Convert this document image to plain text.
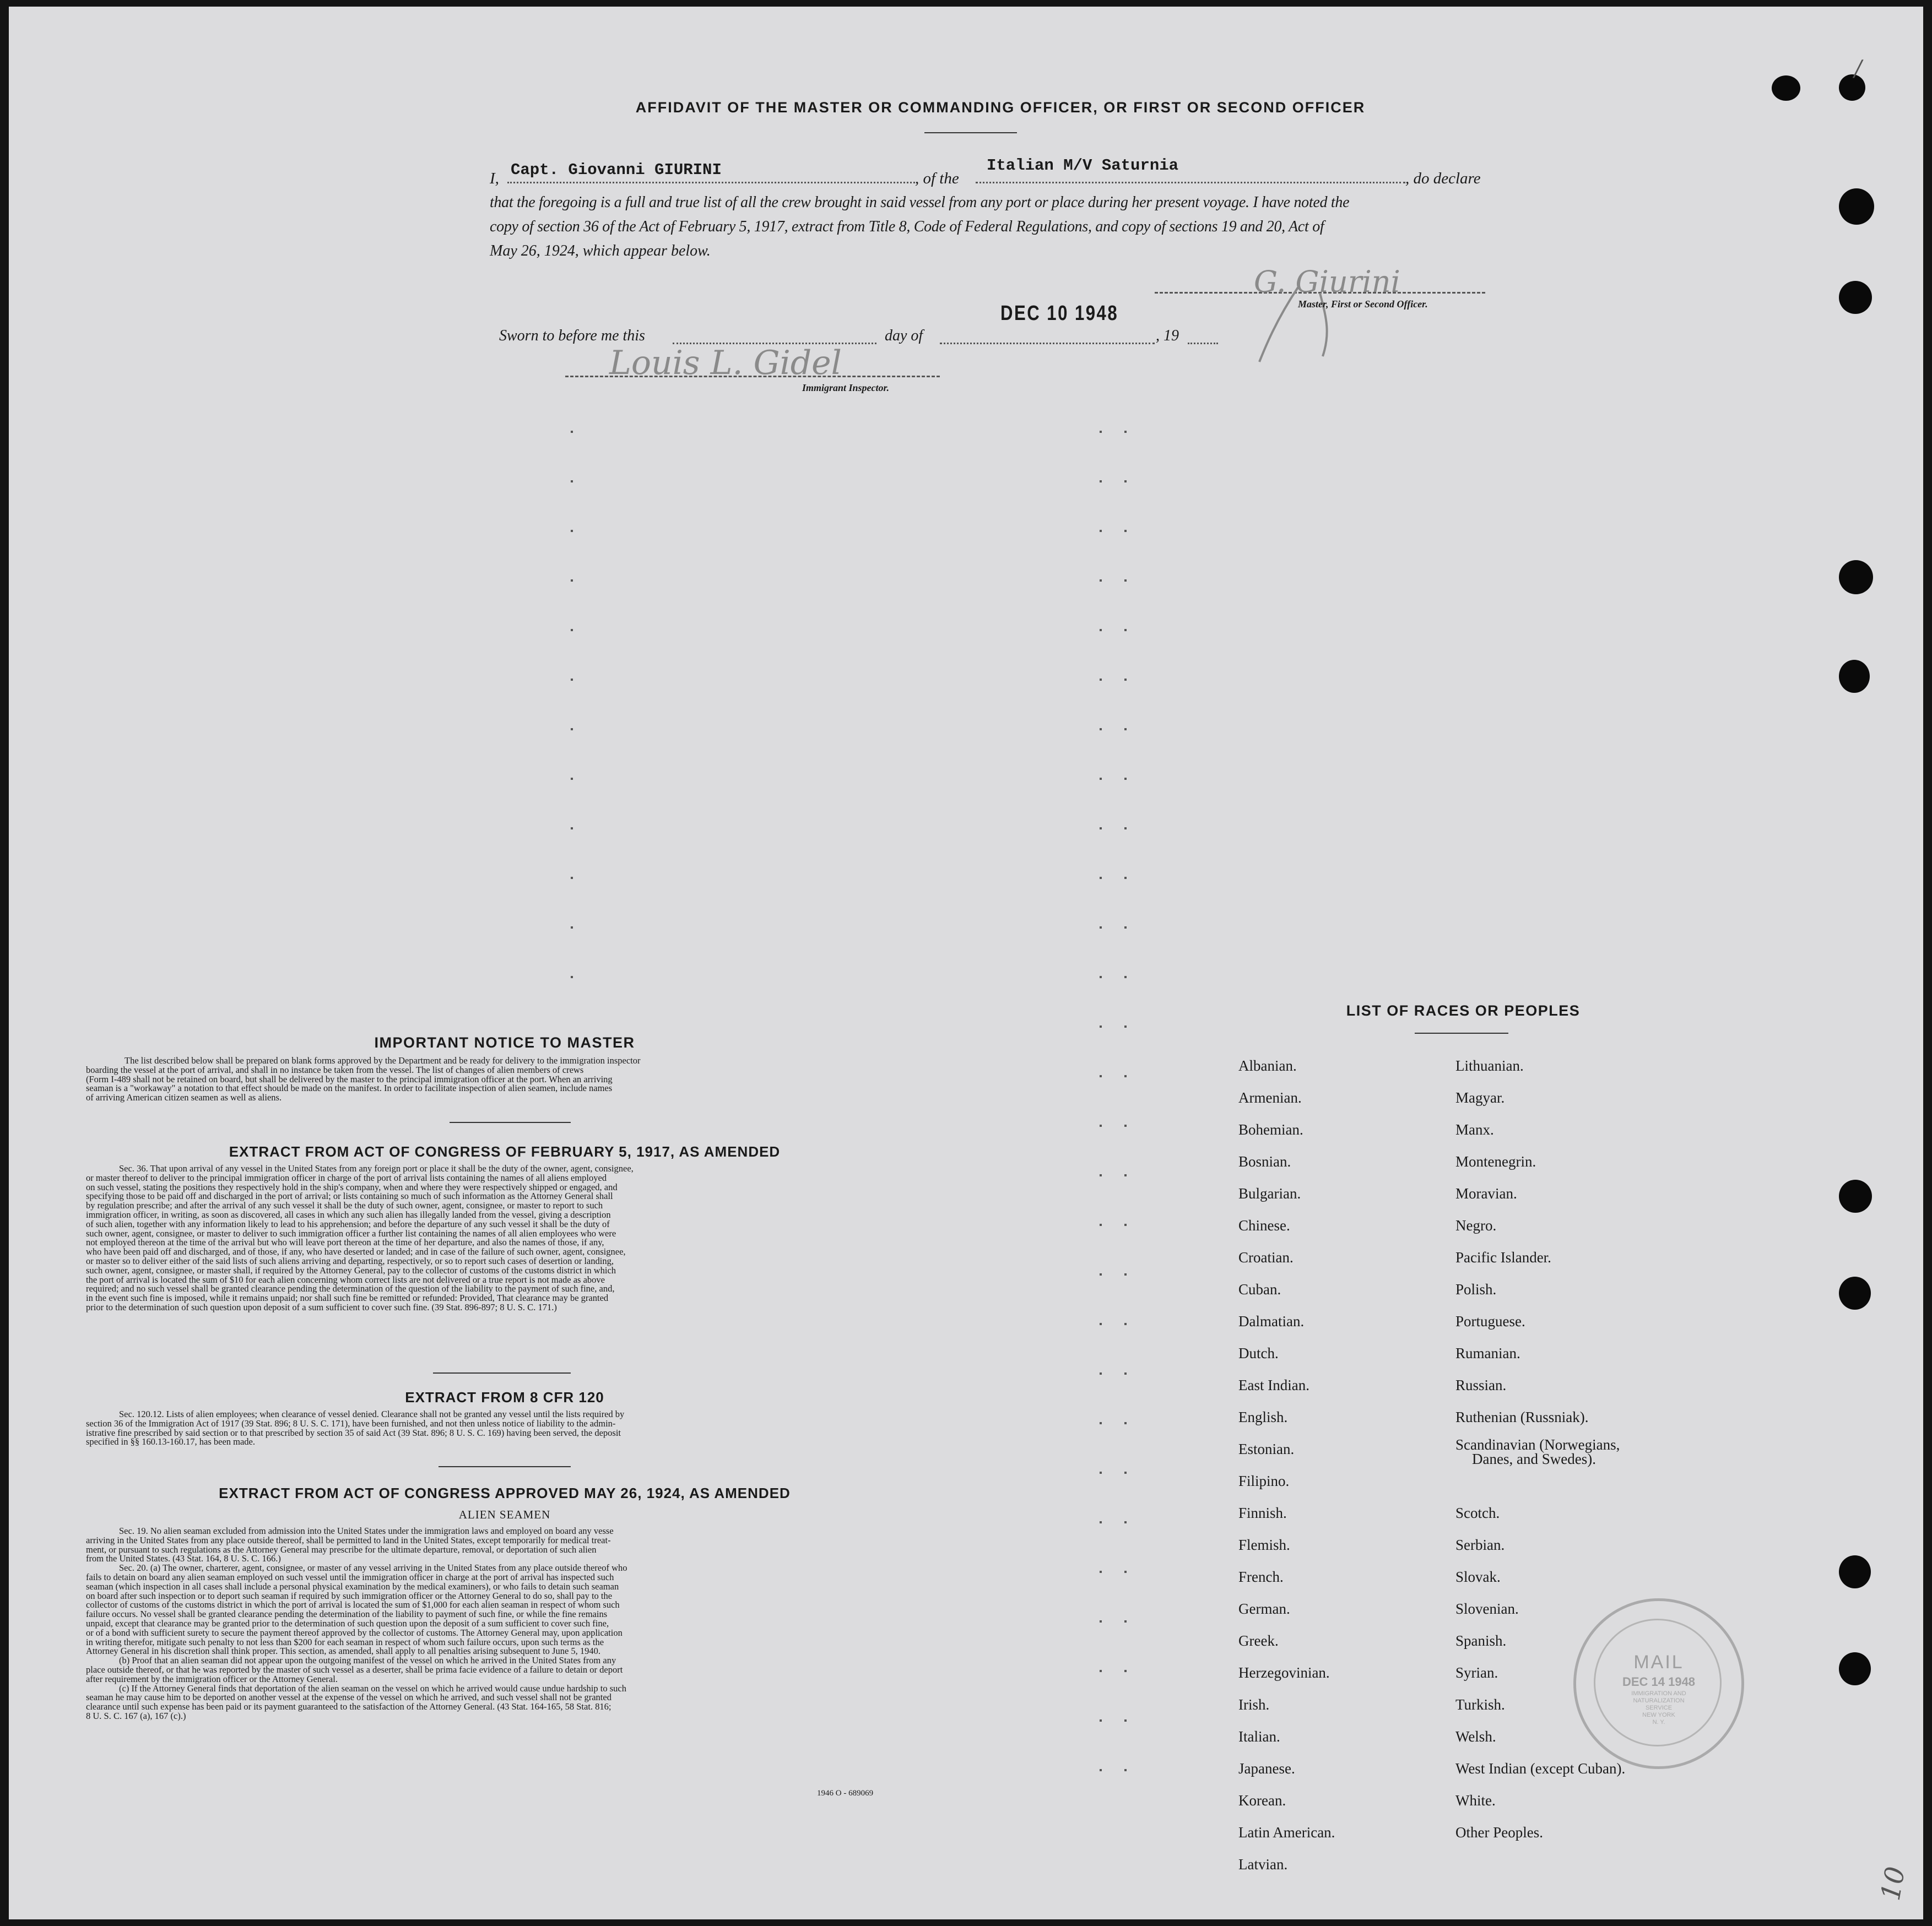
AFFIDAVIT OF THE MASTER OR COMMANDING OFFICER, OR FIRST OR SECOND OFFICER
I, Capt. Giovanni GIURINI	, of the
Italian M/V Saturnia
, do declare
that the foregoing is a full and true list of all the crew brought in said vessel from any port or place during her present voyage. I have noted the
copy of section 36 of the Act of February 5, 1917, extract from Title 8, Code of Federal Regulations, and copy of sections 19 and 20, Act of
May 26, 1924, which appear below.
G. Giurini
Master, First or Second Officer.
Sworn to before me this	day of
DEC 10 1948
, 19
Louis L. Gidel
Immigrant Inspector.
IMPORTANT NOTICE TO MASTER
The list described below shall be prepared on blank forms approved by the Department and be ready for delivery to the immigration inspector
boarding the vessel at the port of arrival, and shall in no instance be taken from the vessel. The list of changes of alien members of crews
(Form I-489 shall not be retained on board, but shall be delivered by the master to the principal immigration officer at the port. When an arriving
seaman is a "workaway" a notation to that effect should be made on the manifest. In order to facilitate inspection of alien seamen, include names
of arriving American citizen seamen as well as aliens.
EXTRACT FROM ACT OF CONGRESS OF FEBRUARY 5, 1917, AS AMENDED
Sec. 36. That upon arrival of any vessel in the United States from any foreign port or place it shall be the duty of the owner, agent, consignee,
or master thereof to deliver to the principal immigration officer in charge of the port of arrival lists containing the names of all aliens employed
on such vessel, stating the positions they respectively hold in the ship's company, when and where they were respectively shipped or engaged, and
specifying those to be paid off and discharged in the port of arrival; or lists containing so much of such information as the Attorney General shall
by regulation prescribe; and after the arrival of any such vessel it shall be the duty of such owner, agent, consignee, or master to report to such
immigration officer, in writing, as soon as discovered, all cases in which any such alien has illegally landed from the vessel, giving a description
of such alien, together with any information likely to lead to his apprehension; and before the departure of any such vessel it shall be the duty of
such owner, agent, consignee, or master to deliver to such immigration officer a further list containing the names of all alien employees who were
not employed thereon at the time of the arrival but who will leave port thereon at the time of her departure, and also the names of those, if any,
who have been paid off and discharged, and of those, if any, who have deserted or landed; and in case of the failure of such owner, agent, consignee,
or master so to deliver either of the said lists of such aliens arriving and departing, respectively, or so to report such cases of desertion or landing,
such owner, agent, consignee, or master shall, if required by the Attorney General, pay to the collector of customs of the customs district in which
the port of arrival is located the sum of $10 for each alien concerning whom correct lists are not delivered or a true report is not made as above
required; and no such vessel shall be granted clearance pending the determination of the question of the liability to the payment of such fine, and,
in the event such fine is imposed, while it remains unpaid; nor shall such fine be remitted or refunded: Provided, That clearance may be granted
prior to the determination of such question upon deposit of a sum sufficient to cover such fine. (39 Stat. 896-897; 8 U. S. C. 171.)
EXTRACT FROM 8 CFR 120
Sec. 120.12. Lists of alien employees; when clearance of vessel denied. Clearance shall not be granted any vessel until the lists required by
section 36 of the Immigration Act of 1917 (39 Stat. 896; 8 U. S. C. 171), have been furnished, and not then unless notice of liability to the admin-
istrative fine prescribed by said section or to that prescribed by section 35 of said Act (39 Stat. 896; 8 U. S. C. 169) having been served, the deposit
specified in §§ 160.13-160.17, has been made.
EXTRACT FROM ACT OF CONGRESS APPROVED MAY 26, 1924, AS AMENDED
ALIEN SEAMEN
Sec. 19. No alien seaman excluded from admission into the United States under the immigration laws and employed on board any vesse
arriving in the United States from any place outside thereof, shall be permitted to land in the United States, except temporarily for medical treat-
ment, or pursuant to such regulations as the Attorney General may prescribe for the ultimate departure, removal, or deportation of such alien
from the United States. (43 Stat. 164, 8 U. S. C. 166.)
Sec. 20. (a) The owner, charterer, agent, consignee, or master of any vessel arriving in the United States from any place outside thereof who
fails to detain on board any alien seaman employed on such vessel until the immigration officer in charge at the port of arrival has inspected such
seaman (which inspection in all cases shall include a personal physical examination by the medical examiners), or who fails to detain such seaman
on board after such inspection or to deport such seaman if required by such immigration officer or the Attorney General to do so, shall pay to the
collector of customs of the customs district in which the port of arrival is located the sum of $1,000 for each alien seaman in respect of whom such
failure occurs. No vessel shall be granted clearance pending the determination of the liability to payment of such fine, or while the fine remains
unpaid, except that clearance may be granted prior to the determination of such question upon the deposit of a sum sufficient to cover such fine,
or of a bond with sufficient surety to secure the payment thereof approved by the collector of customs. The Attorney General may, upon application
in writing therefor, mitigate such penalty to not less than $200 for each seaman in respect of whom such failure occurs, upon such terms as the
Attorney General in his discretion shall think proper. This section, as amended, shall apply to all penalties arising subsequent to June 5, 1940.
(b) Proof that an alien seaman did not appear upon the outgoing manifest of the vessel on which he arrived in the United States from any
place outside thereof, or that he was reported by the master of such vessel as a deserter, shall be prima facie evidence of a failure to detain or deport
after requirement by the immigration officer or the Attorney General.
(c) If the Attorney General finds that deportation of the alien seaman on the vessel on which he arrived would cause undue hardship to such
seaman he may cause him to be deported on another vessel at the expense of the vessel on which he arrived, and such vessel shall not be granted
clearance until such expense has been paid or its payment guaranteed to the satisfaction of the Attorney General. (43 Stat. 164-165, 58 Stat. 816;
8 U. S. C. 167 (a), 167 (c).)
1946 O - 689069
LIST OF RACES OR PEOPLES
Albanian.
Armenian.
Bohemian.
Bosnian.
Bulgarian.
Chinese.
Croatian.
Cuban.
Dalmatian.
Dutch.
East Indian.
English.
Estonian.
Filipino.
Finnish.
Flemish.
French.
German.
Greek.
Herzegovinian.
Irish.
Italian.
Japanese.
Korean.
Latin American.
Latvian.
Lithuanian.
Magyar.
Manx.
Montenegrin.
Moravian.
Negro.
Pacific Islander.
Polish.
Portuguese.
Rumanian.
Russian.
Ruthenian (Russniak).
Scandinavian (Norwegians,
Danes, and Swedes).
Scotch.
Serbian.
Slovak.
Slovenian.
Spanish.
Syrian.
Turkish.
Welsh.
West Indian (except Cuban).
White.
Other Peoples.
MAIL
DEC 14 1948
IMMIGRATION AND
NATURALIZATION
SERVICE
NEW YORK
N. Y.
10
/
